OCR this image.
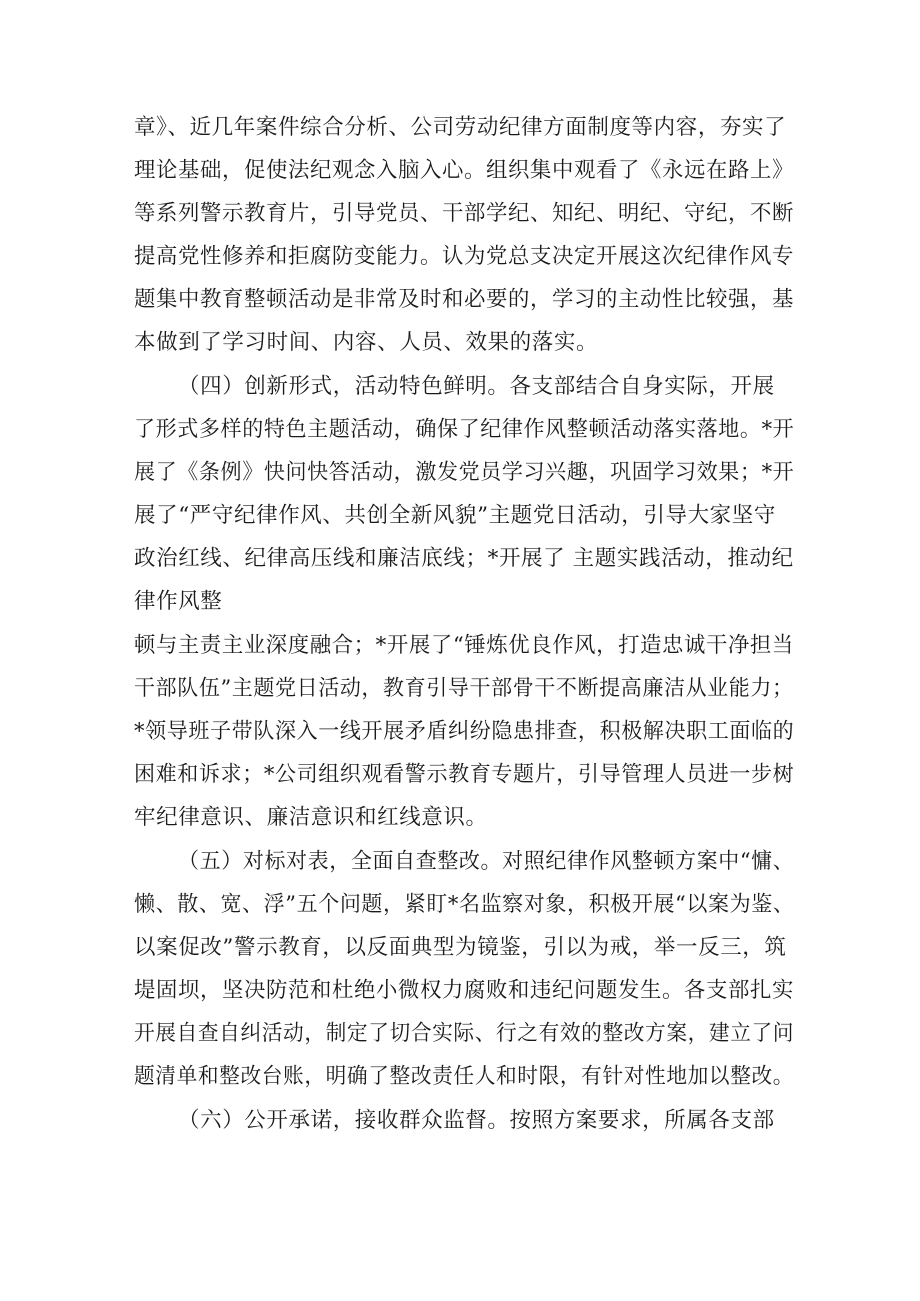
章》、近几年案件综合分析、公司劳动纪律方面制度等内容，夯实了
理论基础，促使法纪观念入脑入心。组织集中观看了《永远在路上》
等系列警示教育片，引导党员、干部学纪、知纪、明纪、守纪，不断
提高党性修养和拒腐防变能力。认为党总支决定开展这次纪律作风专
题集中教育整顿活动是非常及时和必要的，学习的主动性比较强，基
本做到了学习时间、内容、人员、效果的落实。
（四）创新形式，活动特色鲜明。各支部结合自身实际，开展
了形式多样的特色主题活动，确保了纪律作风整顿活动落实落地。*开
展了《条例》快问快答活动，激发党员学习兴趣，巩固学习效果；*开
展了“严守纪律作风、共创全新风貌”主题党日活动，引导大家坚守
政治红线、纪律高压线和廉洁底线；*开展了 主题实践活动，推动纪
律作风整
顿与主责主业深度融合；*开展了“锤炼优良作风，打造忠诚干净担当
干部队伍”主题党日活动，教育引导干部骨干不断提高廉洁从业能力；
*领导班子带队深入一线开展矛盾纠纷隐患排查，积极解决职工面临的
困难和诉求；*公司组织观看警示教育专题片，引导管理人员进一步树
牢纪律意识、廉洁意识和红线意识。
（五）对标对表，全面自查整改。对照纪律作风整顿方案中“慵、
懒、散、宽、浮”五个问题，紧盯*名监察对象，积极开展“以案为鉴、
以案促改”警示教育，以反面典型为镜鉴，引以为戒，举一反三，筑
堤固坝，坚决防范和杜绝小微权力腐败和违纪问题发生。各支部扎实
开展自查自纠活动，制定了切合实际、行之有效的整改方案，建立了问
题清单和整改台账，明确了整改责任人和时限，有针对性地加以整改。
（六）公开承诺，接收群众监督。按照方案要求，所属各支部
